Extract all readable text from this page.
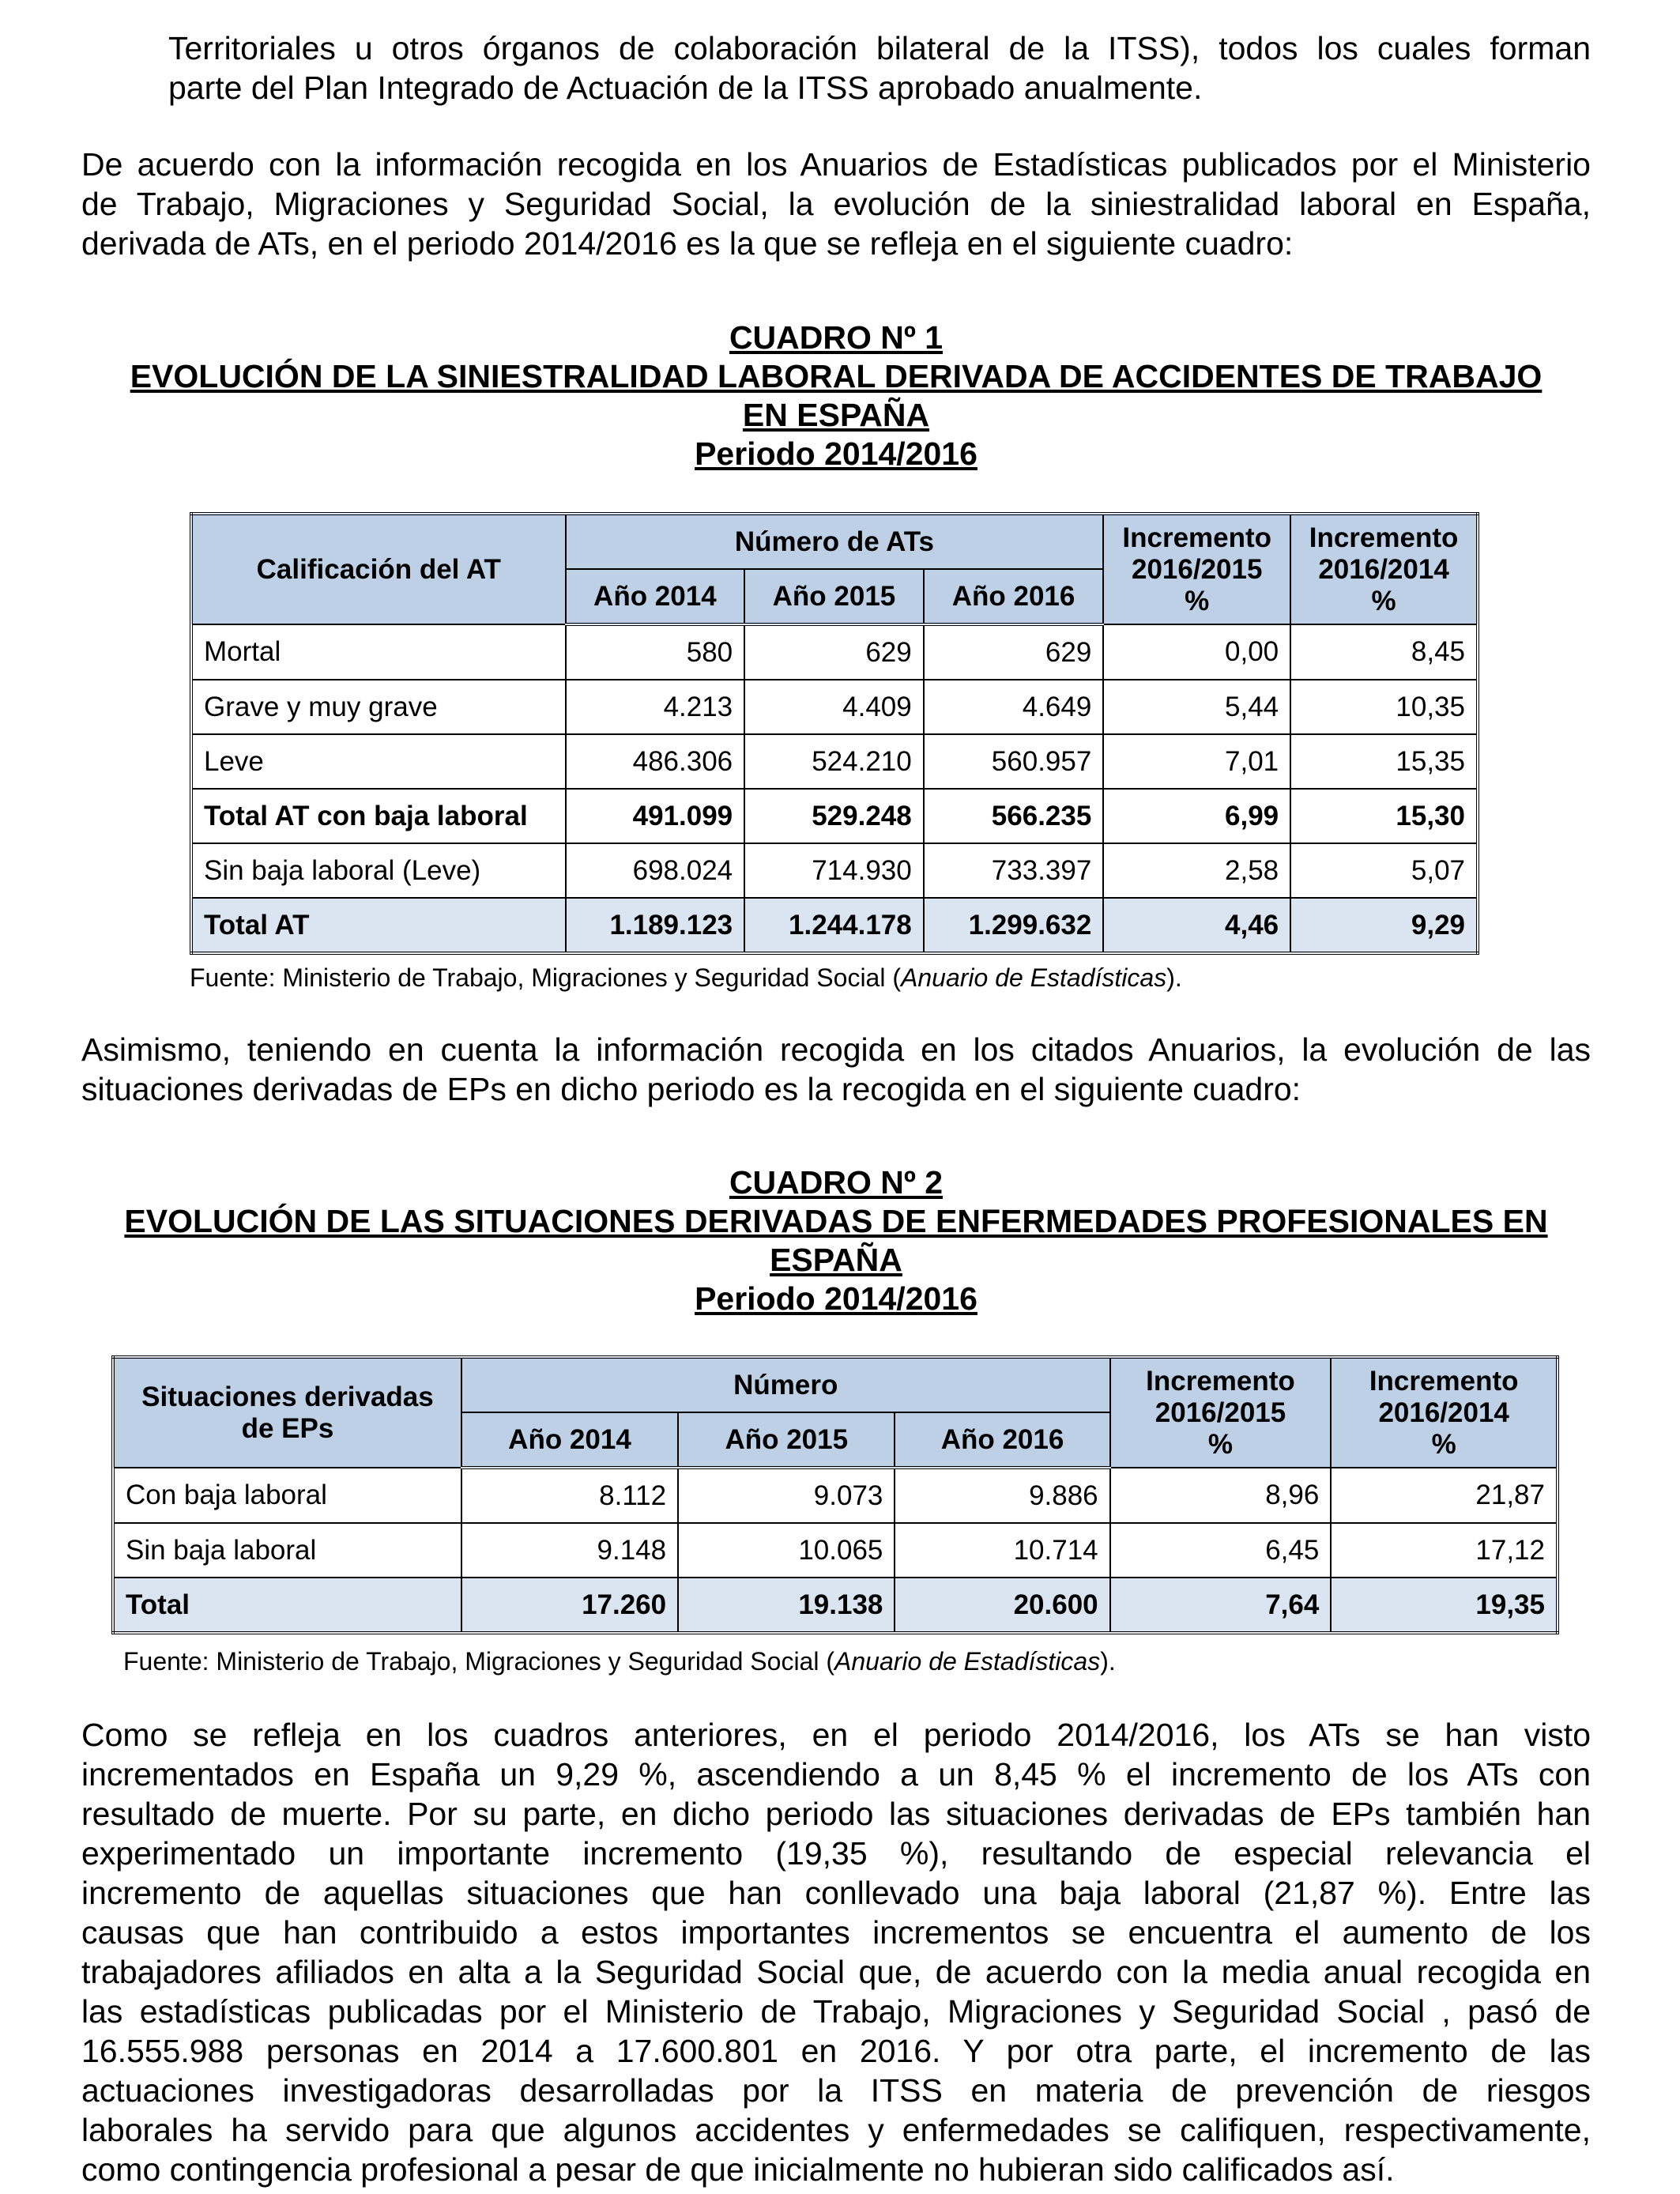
Territoriales u otros órganos de colaboración bilateral de la ITSS), todos los cuales forman
parte del Plan Integrado de Actuación de la ITSS aprobado anualmente.

De acuerdo con la información recogida en los Anuarios de Estadísticas publicados por el Ministerio
de Trabajo, Migraciones y Seguridad Social, la evolución de la siniestralidad laboral en España,
derivada de ATs, en el periodo 2014/2016 es la que se refleja en el siguiente cuadro:

CUADRO Nº 1
EVOLUCIÓN DE LA SINIESTRALIDAD LABORAL DERIVADA DE ACCIDENTES DE TRABAJO
EN ESPAÑA
Periodo 2014/2016
Calificación del AT	Número de ATs			Incremento
2016/2015
%	Incremento
2016/2014
%

	Año 2014	Año 2015	Año 2016		
Mortal	580	629	629	0,00	8,45
Grave y muy grave	4.213	4.409	4.649	5,44	10,35
Leve	486.306	524.210	560.957	7,01	15,35
Total AT con baja laboral	491.099	529.248	566.235	6,99	15,30
Sin baja laboral (Leve)	698.024	714.930	733.397	2,58	5,07
Total AT	1.189.123	1.244.178	1.299.632	4,46	9,29

Fuente: Ministerio de Trabajo, Migraciones y Seguridad Social (Anuario de Estadísticas).

Asimismo, teniendo en cuenta la información recogida en los citados Anuarios, la evolución de las
situaciones derivadas de EPs en dicho periodo es la recogida en el siguiente cuadro:

CUADRO Nº 2
EVOLUCIÓN DE LAS SITUACIONES DERIVADAS DE ENFERMEDADES PROFESIONALES EN
ESPAÑA
Periodo 2014/2016
Situaciones derivadas
de EPs	Número			Incremento
2016/2015
%	Incremento
2016/2014
%

	Año 2014	Año 2015	Año 2016		
Con baja laboral	8.112	9.073	9.886	8,96	21,87
Sin baja laboral	9.148	10.065	10.714	6,45	17,12
Total	17.260	19.138	20.600	7,64	19,35

Fuente: Ministerio de Trabajo, Migraciones y Seguridad Social (Anuario de Estadísticas).

Como se refleja en los cuadros anteriores, en el periodo 2014/2016, los ATs se han visto
incrementados en España un 9,29 %, ascendiendo a un 8,45 % el incremento de los ATs con
resultado de muerte. Por su parte, en dicho periodo las situaciones derivadas de EPs también han
experimentado un importante incremento (19,35 %), resultando de especial relevancia el
incremento de aquellas situaciones que han conllevado una baja laboral (21,87 %). Entre las
causas que han contribuido a estos importantes incrementos se encuentra el aumento de los
trabajadores afiliados en alta a la Seguridad Social que, de acuerdo con la media anual recogida en
las estadísticas publicadas por el Ministerio de Trabajo, Migraciones y Seguridad Social , pasó de
16.555.988 personas en 2014 a 17.600.801 en 2016. Y por otra parte, el incremento de las
actuaciones investigadoras desarrolladas por la ITSS en materia de prevención de riesgos
laborales ha servido para que algunos accidentes y enfermedades se califiquen, respectivamente,
como contingencia profesional a pesar de que inicialmente no hubieran sido calificados así.
